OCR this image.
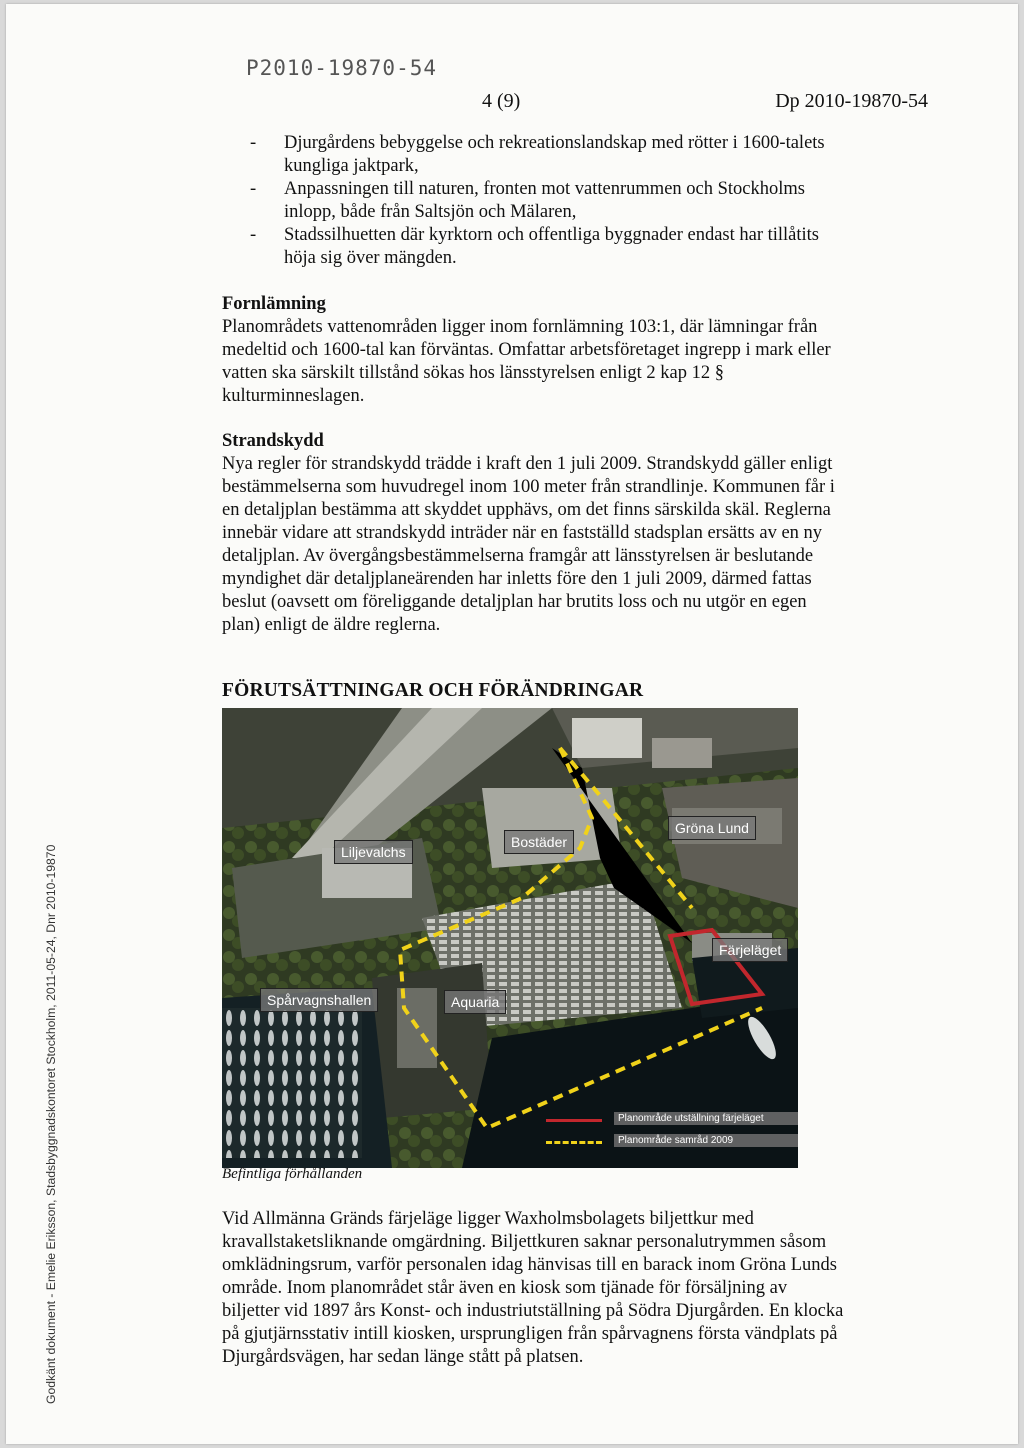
P2010-19870-54
4 (9)	Dp 2010-19870-54
Godkänt dokument - Emelie Eriksson, Stadsbyggnadskontoret Stockholm, 2011-05-24, Dnr 2010-19870
- Djurgårdens bebyggelse och rekreationslandskap med rötter i 1600-talets kungliga jaktpark,
- Anpassningen till naturen, fronten mot vattenrummen och Stockholms inlopp, både från Saltsjön och Mälaren,
- Stadssilhuetten där kyrktorn och offentliga byggnader endast har tillåtits höja sig över mängden.
Fornlämning

Planområdets vattenområden ligger inom fornlämning 103:1, där lämningar från medeltid och 1600-tal kan förväntas. Omfattar arbetsföretaget ingrepp i mark eller vatten ska särskilt tillstånd sökas hos länsstyrelsen enligt 2 kap 12 § kulturminneslagen.

Strandskydd

Nya regler för strandskydd trädde i kraft den 1 juli 2009. Strandskydd gäller enligt bestämmelserna som huvudregel inom 100 meter från strandlinje. Kommunen får i en detaljplan bestämma att skyddet upphävs, om det finns särskilda skäl. Reglerna innebär vidare att strandskydd inträder när en fastställd stadsplan ersätts av en ny detaljplan. Av övergångsbestämmelserna framgår att länsstyrelsen är beslutande myndighet där detaljplaneärenden har inletts före den 1 juli 2009, därmed fattas beslut (oavsett om föreliggande detaljplan har brutits loss och nu utgör en egen plan) enligt de äldre reglerna.

FÖRUTSÄTTNINGAR OCH FÖRÄNDRINGAR
Liljevalchs
Bostäder
Gröna Lund
Färjeläget
Spårvagnshallen	Aquaria
Planområde utställning färjeläget
Planområde samråd 2009
Befintliga förhållanden

Vid Allmänna Gränds färjeläge ligger Waxholmsbolagets biljettkur med kravallstaketsliknande omgärdning. Biljettkuren saknar personalutrymmen såsom omklädningsrum, varför personalen idag hänvisas till en barack inom Gröna Lunds område. Inom planområdet står även en kiosk som tjänade för försäljning av biljetter vid 1897 års Konst- och industriutställning på Södra Djurgården. En klocka på gjutjärnsstativ intill kiosken, ursprungligen från spårvagnens första vändplats på Djurgårdsvägen, har sedan länge stått på platsen.
